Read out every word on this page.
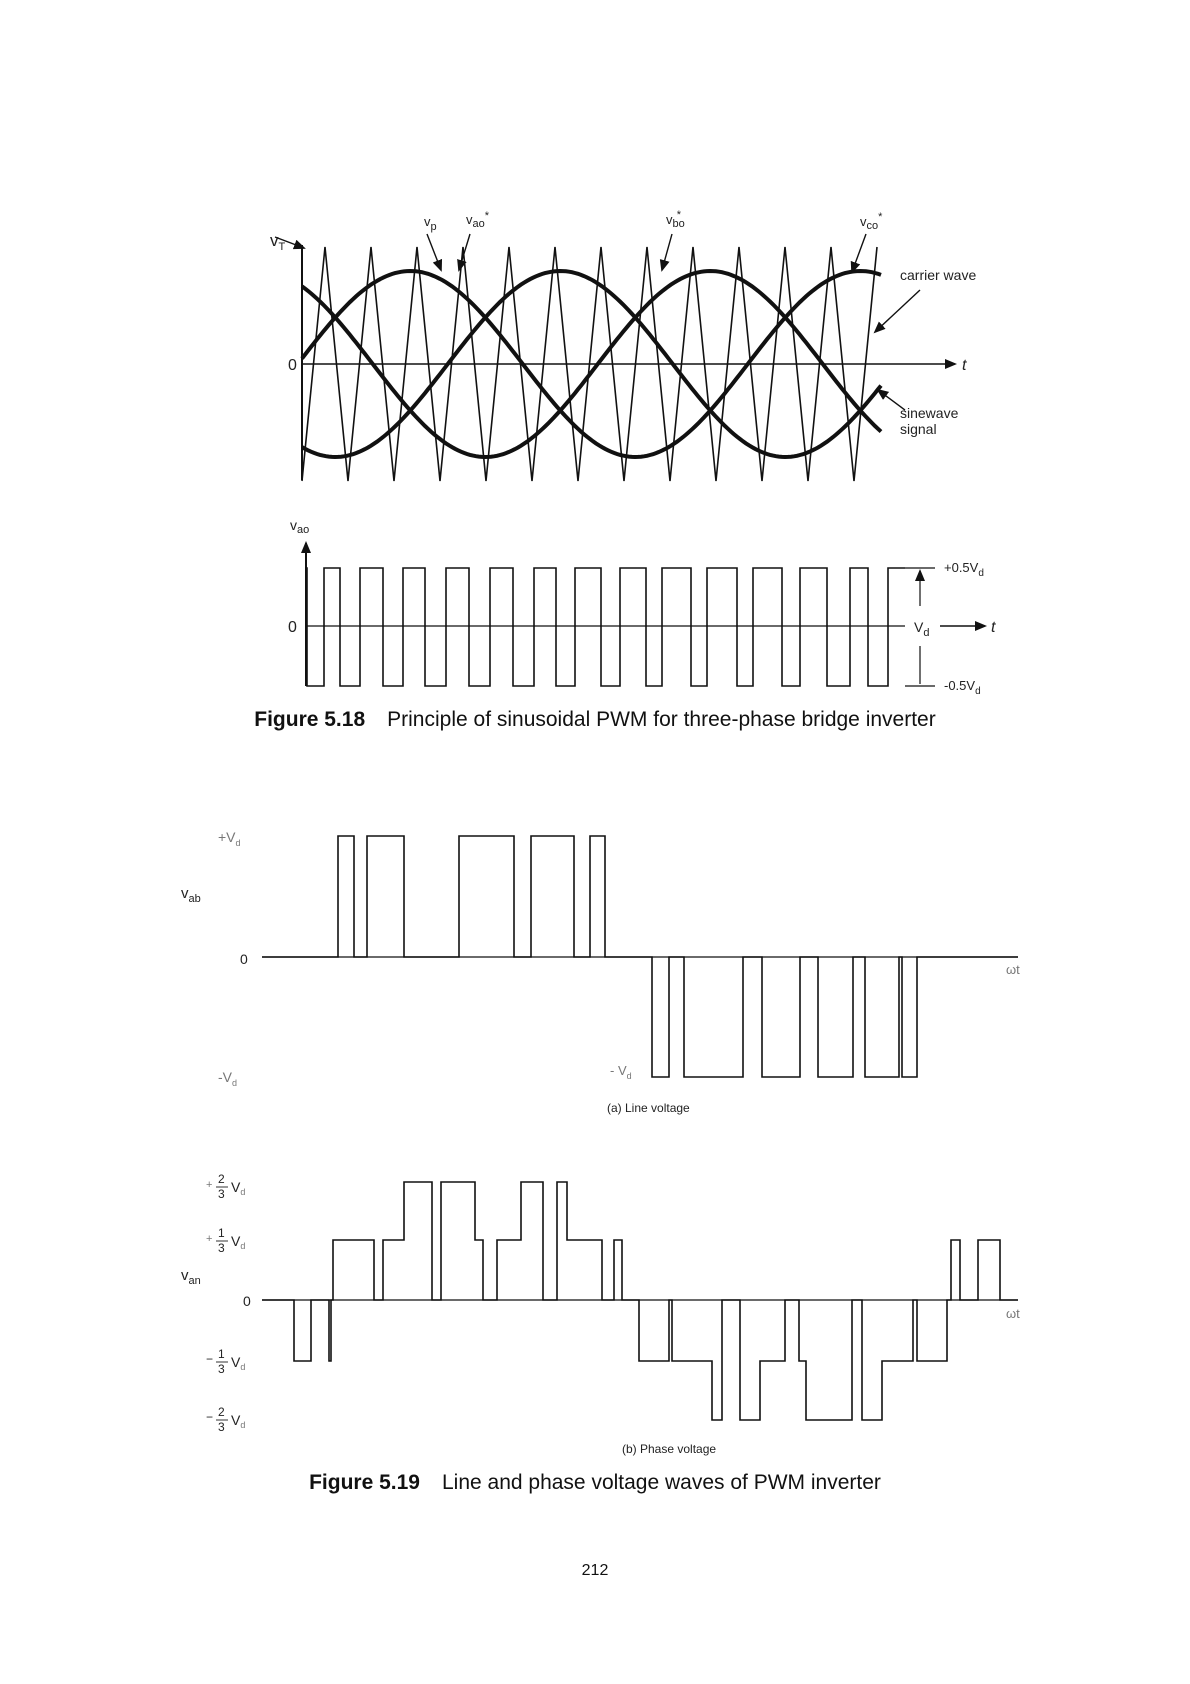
$v_T$
$v_p$ $v_{ao}^*$	$v_{bo}*$	$v_{co}^*$
0	t
carrier wave
sinewave
signal
$v_{ao}$
0
$+0.5V_d$
$V_d$	t
$-0.5V_d$
$+V_d$
$v_{ab}$
0
ωt
$-V_d$
- $V_d$
(a) Line voltage
+ 2
3 $V_d$
+ 1
3 $V_d$
$v_{an}$
0
ωt
− 1
3 $V_d$
− 2
3 $V_d$
(b) Phase voltage
Figure 5.18 Principle of sinusoidal PWM for three-phase bridge inverter
Figure 5.19 Line and phase voltage waves of PWM inverter
212
